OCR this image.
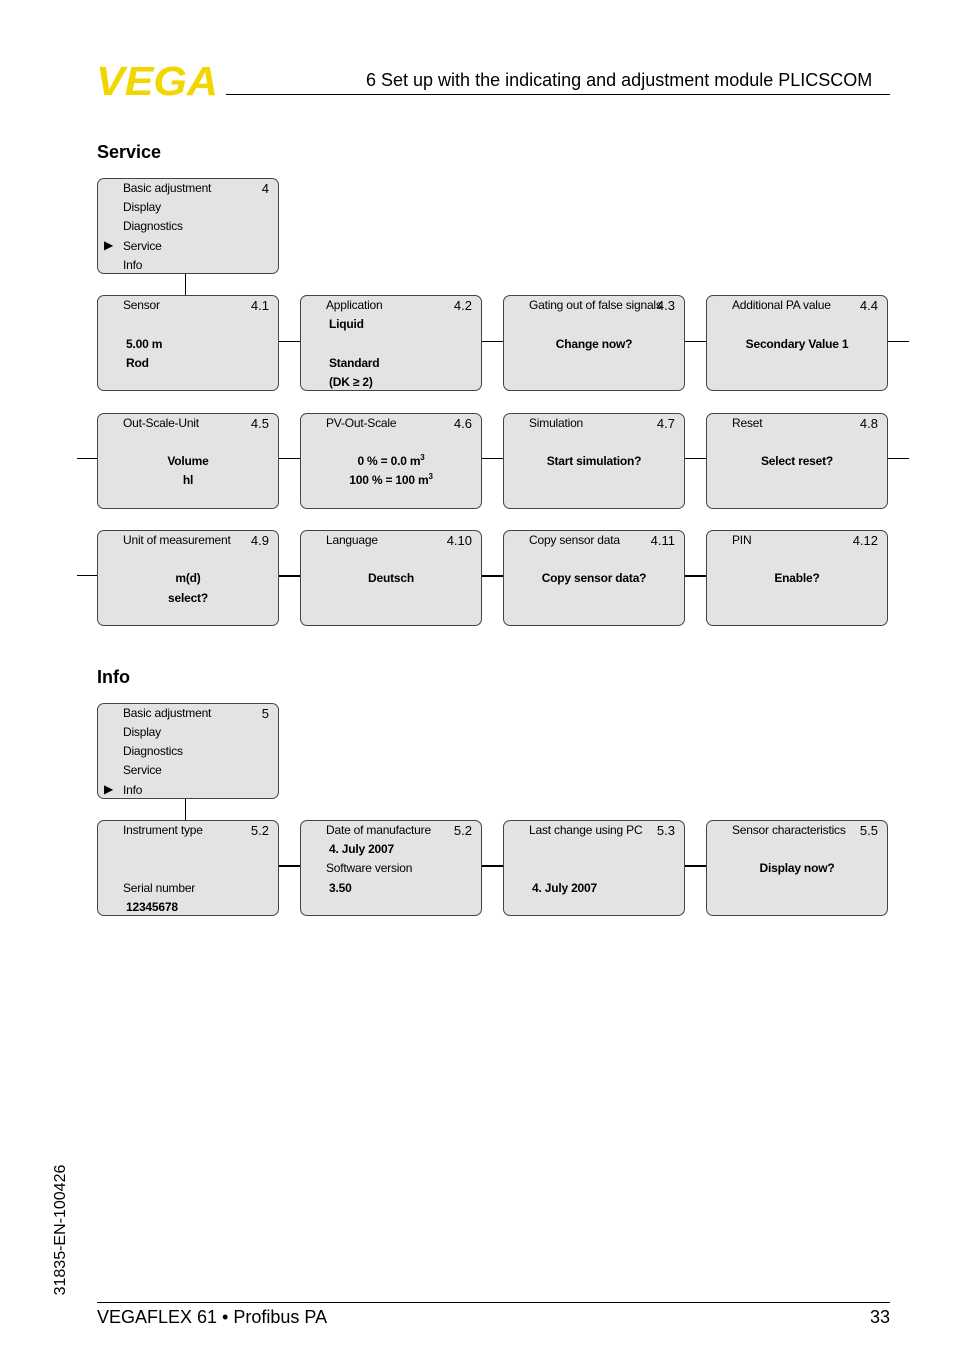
VEGA	6 Set up with the indicating and adjustment module PLICSCOM
Service
Basic adjustment
Display
Diagnostics
▶ Service
Info
4
Sensor	4.1
5.00 m
Rod
Application	4.2
Liquid
Standard
(DK ≥ 2)
Gating out of false signals
4.3
Change now?
Additional PA value 4.4
Secondary Value 1
Out-Scale-Unit	4.5
Volume
hl
PV-Out-Scale	4.6
0 % = 0.0 $m^3$
100 % = 100 $m^3$
Simulation	4.7
Start simulation?
Reset	4.8
Select reset?
Unit of measurement 4.9
m(d)
select?
Language	4.10
Deutsch
Copy sensor data 4.11
Copy sensor data?
PIN	4.12
Enable?
Info
Basic adjustment
Display
Diagnostics
Service
▶ Info
5
Instrument type	5.2
Serial number
12345678
Date of manufacture 5.2
4. July 2007
Software version
3.50
Last change using PC 5.3
4. July 2007
Sensor characteristics 5.5
Display now?
31835-EN-100426
VEGAFLEX 61 • Profibus PA	33
